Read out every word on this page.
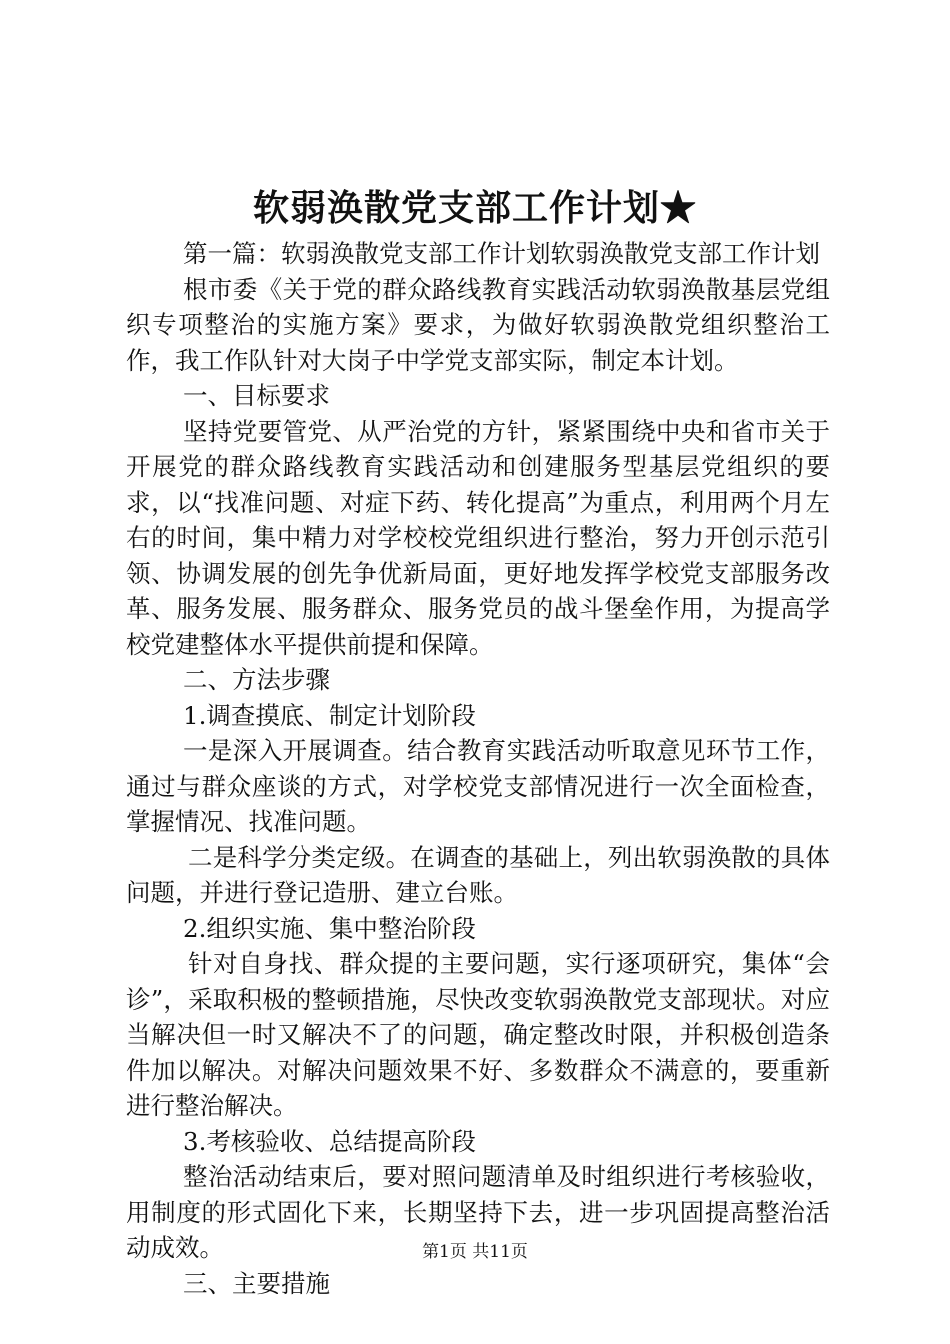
软弱涣散党支部工作计划★

第一篇：软弱涣散党支部工作计划软弱涣散党支部工作计划

根市委《关于党的群众路线教育实践活动软弱涣散基层党组织专项整治的实施方案》要求，为做好软弱涣散党组织整治工作，我工作队针对大岗子中学党支部实际，制定本计划。

一、目标要求

坚持党要管党、从严治党的方针，紧紧围绕中央和省市关于开展党的群众路线教育实践活动和创建服务型基层党组织的要求，以“找准问题、对症下药、转化提高”为重点，利用两个月左右的时间，集中精力对学校校党组织进行整治，努力开创示范引领、协调发展的创先争优新局面，更好地发挥学校党支部服务改革、服务发展、服务群众、服务党员的战斗堡垒作用，为提高学校党建整体水平提供前提和保障。

二、方法步骤

1.调查摸底、制定计划阶段

一是深入开展调查。结合教育实践活动听取意见环节工作，通过与群众座谈的方式，对学校党支部情况进行一次全面检查，掌握情况、找准问题。

二是科学分类定级。在调查的基础上，列出软弱涣散的具体问题，并进行登记造册、建立台账。

2.组织实施、集中整治阶段

针对自身找、群众提的主要问题，实行逐项研究，集体“会诊”，采取积极的整顿措施，尽快改变软弱涣散党支部现状。对应当解决但一时又解决不了的问题，确定整改时限，并积极创造条件加以解决。对解决问题效果不好、多数群众不满意的，要重新进行整治解决。

3.考核验收、总结提高阶段

整治活动结束后，要对照问题清单及时组织进行考核验收，用制度的形式固化下来，长期坚持下去，进一步巩固提高整治活动成效。

三、主要措施

第1页 共11页
